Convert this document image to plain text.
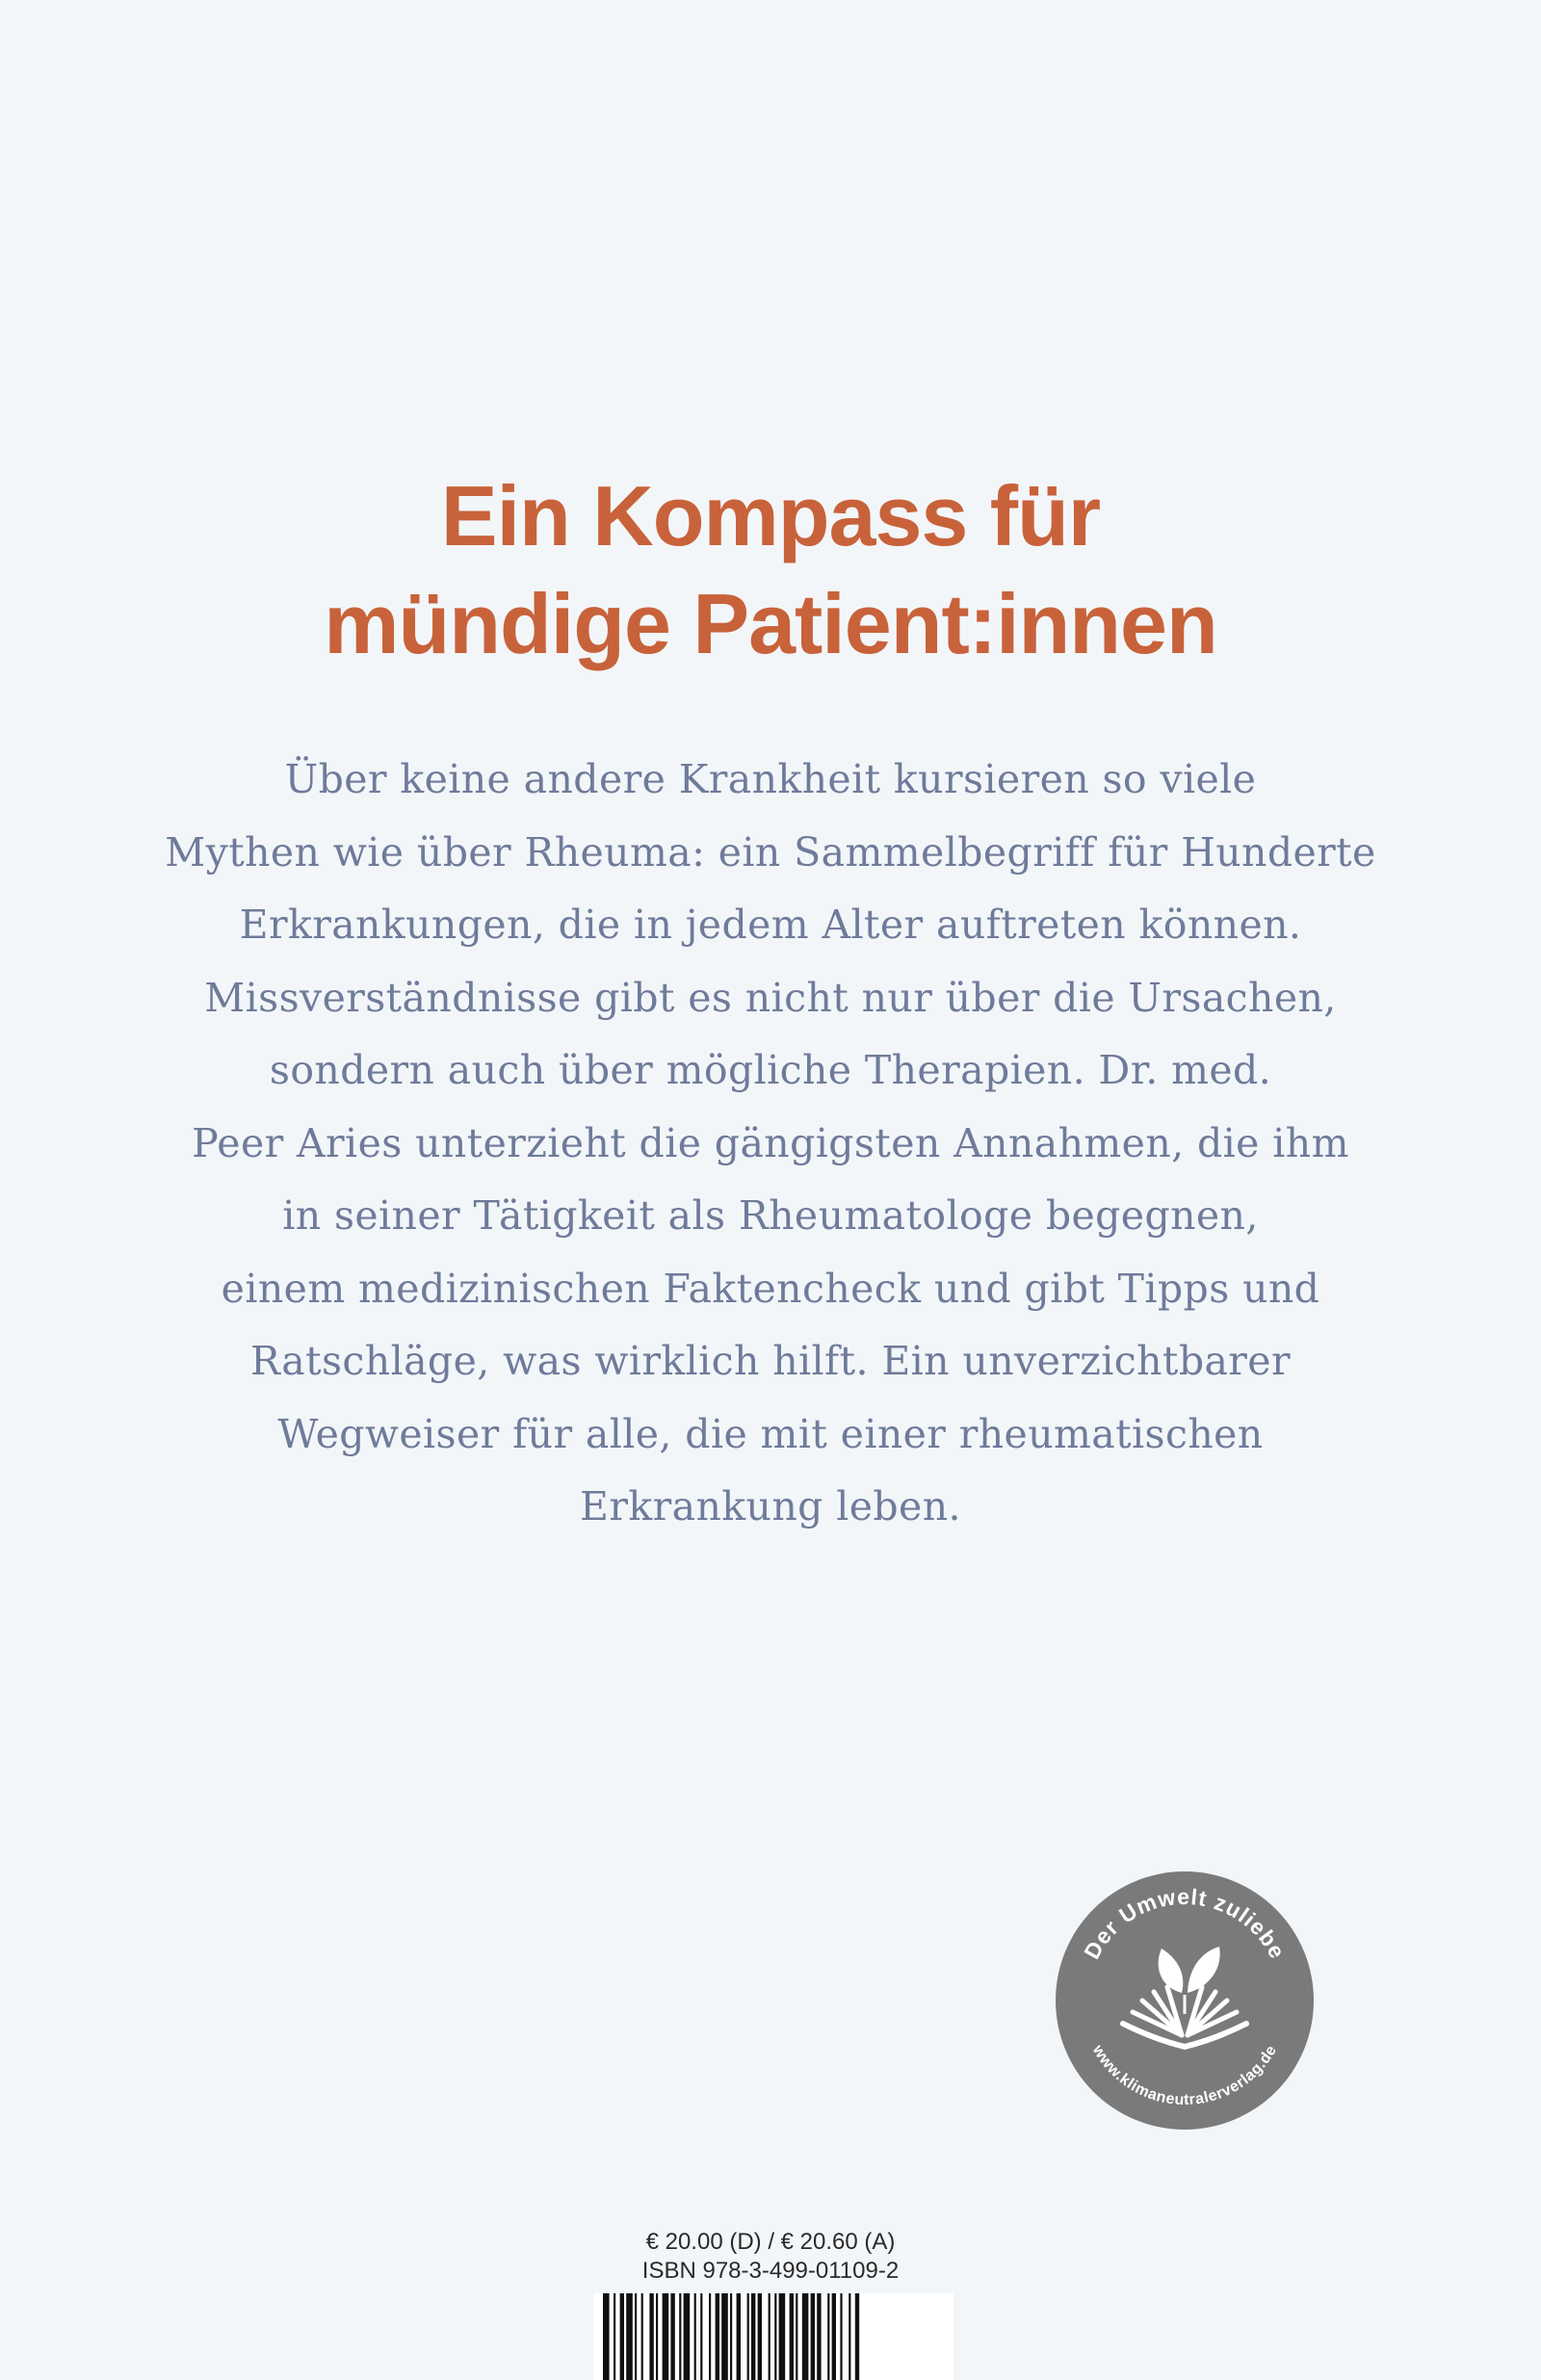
Ein Kompass für
mündige Patient:innen
Über keine andere Krankheit kursieren so viele
Mythen wie über Rheuma: ein Sammelbegriff für Hunderte
Erkrankungen, die in jedem Alter auftreten können.
Missverständnisse gibt es nicht nur über die Ursachen,
sondern auch über mögliche Therapien. Dr. med.
Peer Aries unterzieht die gängigsten Annahmen, die ihm
in seiner Tätigkeit als Rheumatologe begegnen,
einem medizinischen Faktencheck und gibt Tipps und
Ratschläge, was wirklich hilft. Ein unverzichtbarer
Wegweiser für alle, die mit einer rheumatischen
Erkrankung leben.
Der Umwelt zuliebe
www.klimaneutralerverlag.de
€ 20.00 (D) / € 20.60 (A)
ISBN 978-3-499-01109-2
